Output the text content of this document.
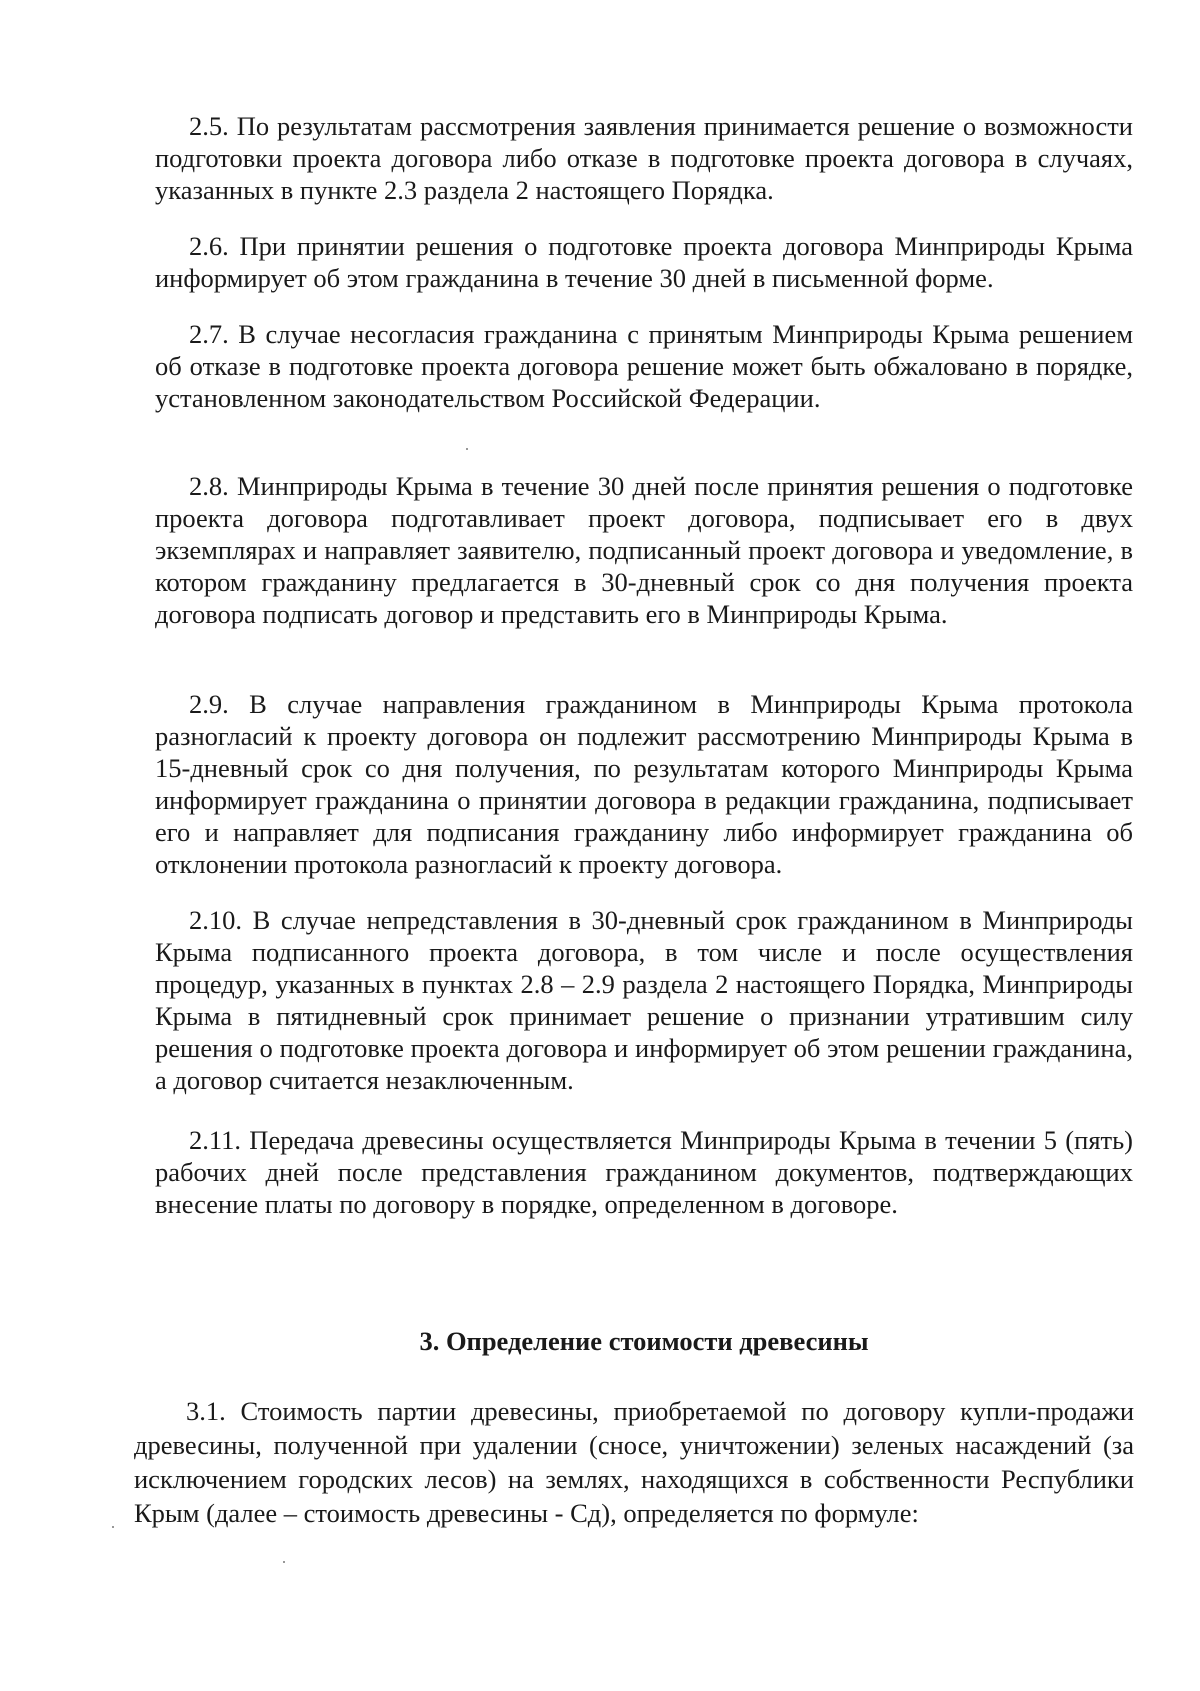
2.5. По результатам рассмотрения заявления принимается решение о возможности подготовки проекта договора либо отказе в подготовке проекта договора в случаях, указанных в пункте 2.3 раздела 2 настоящего Порядка.

2.6. При принятии решения о подготовке проекта договора Минприроды Крыма информирует об этом гражданина в течение 30 дней в письменной форме.

2.7. В случае несогласия гражданина с принятым Минприроды Крыма решением об отказе в подготовке проекта договора решение может быть обжаловано в порядке, установленном законодательством Российской Федерации.

2.8. Минприроды Крыма в течение 30 дней после принятия решения о подготовке проекта договора подготавливает проект договора, подписывает его в двух экземплярах и направляет заявителю, подписанный проект договора и уведомление, в котором гражданину предлагается в 30-дневный срок со дня получения проекта договора подписать договор и представить его в Минприроды Крыма.

2.9. В случае направления гражданином в Минприроды Крыма протокола разногласий к проекту договора он подлежит рассмотрению Минприроды Крыма в 15-дневный срок со дня получения, по результатам которого Минприроды Крыма информирует гражданина о принятии договора в редакции гражданина, подписывает его и направляет для подписания гражданину либо информирует гражданина об отклонении протокола разногласий к проекту договора.

2.10. В случае непредставления в 30-дневный срок гражданином в Минприроды Крыма подписанного проекта договора, в том числе и после осуществления процедур, указанных в пунктах 2.8 – 2.9 раздела 2 настоящего Порядка, Минприроды Крыма в пятидневный срок принимает решение о признании утратившим силу решения о подготовке проекта договора и информирует об этом решении гражданина, а договор считается незаключенным.

2.11. Передача древесины осуществляется Минприроды Крыма в течении 5 (пять) рабочих дней после представления гражданином документов, подтверждающих внесение платы по договору в порядке, определенном в договоре.

3. Определение стоимости древесины

3.1. Стоимость партии древесины, приобретаемой по договору купли-продажи древесины, полученной при удалении (сносе, уничтожении) зеленых насаждений (за исключением городских лесов) на землях, находящихся в собственности Республики Крым (далее – стоимость древесины - Сд), определяется по формуле:
